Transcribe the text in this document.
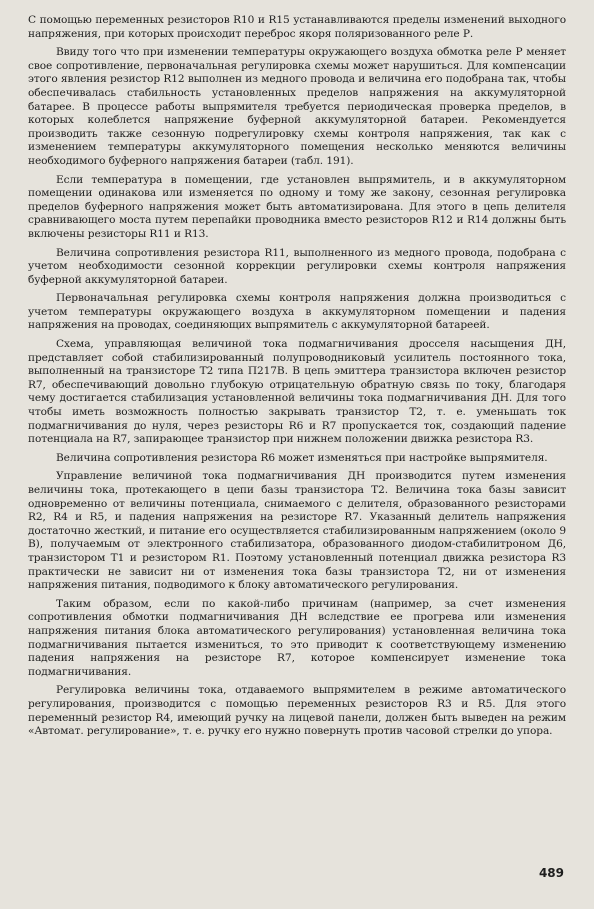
С помощью переменных резисторов R10 и R15 устанавливаются пределы изменений выходного напряжения, при которых происходит переброс якоря поляризованного реле Р.

Ввиду того что при изменении температуры окружающего воздуха обмотка реле Р меняет свое сопротивление, первоначальная регулировка схемы может нарушиться. Для компенсации этого явления резистор R12 выполнен из медного провода и величина его подобрана так, чтобы обеспечивалась стабильность установленных пределов напряжения на аккумуляторной батарее. В процессе работы выпрямителя требуется периодическая проверка пределов, в которых колеблется напряжение буферной аккумуляторной батареи. Рекомендуется производить также сезонную подрегулировку схемы контроля напряжения, так как с изменением температуры аккумуляторного помещения несколько меняются величины необходимого буферного напряжения батареи (табл. 191).

Если температура в помещении, где установлен выпрямитель, и в аккумуляторном помещении одинакова или изменяется по одному и тому же закону, сезонная регулировка пределов буферного напряжения может быть автоматизирована. Для этого в цепь делителя сравнивающего моста путем перепайки проводника вместо резисторов R12 и R14 должны быть включены резисторы R11 и R13.

Величина сопротивления резистора R11, выполненного из медного провода, подобрана с учетом необходимости сезонной коррекции регулировки схемы контроля напряжения буферной аккумуляторной батареи.

Первоначальная регулировка схемы контроля напряжения должна производиться с учетом температуры окружающего воздуха в аккумуляторном помещении и падения напряжения на проводах, соединяющих выпрямитель с аккумуляторной батареей.

Схема, управляющая величиной тока подмагничивания дросселя насыщения ДН, представляет собой стабилизированный полупроводниковый усилитель постоянного тока, выполненный на транзисторе Т2 типа П217В. В цепь эмиттера транзистора включен резистор R7, обеспечивающий довольно глубокую отрицательную обратную связь по току, благодаря чему достигается стабилизация установленной величины тока подмагничивания ДН. Для того чтобы иметь возможность полностью закрывать транзистор Т2, т. е. уменьшать ток подмагничивания до нуля, через резисторы R6 и R7 пропускается ток, создающий падение потенциала на R7, запирающее транзистор при нижнем положении движка резистора R3.

Величина сопротивления резистора R6 может изменяться при настройке выпрямителя.

Управление величиной тока подмагничивания ДН производится путем изменения величины тока, протекающего в цепи базы транзистора Т2. Величина тока базы зависит одновременно от величины потенциала, снимаемого с делителя, образованного резисторами R2, R4 и R5, и падения напряжения на резисторе R7. Указанный делитель напряжения достаточно жесткий, и питание его осуществляется стабилизированным напряжением (около 9 В), получаемым от электронного стабилизатора, образованного диодом-стабилитроном Д6, транзистором Т1 и резистором R1. Поэтому установленный потенциал движка резистора R3 практически не зависит ни от изменения тока базы транзистора Т2, ни от изменения напряжения питания, подводимого к блоку автоматического регулирования.

Таким образом, если по какой-либо причинам (например, за счет изменения сопротивления обмотки подмагничивания ДН вследствие ее прогрева или изменения напряжения питания блока автоматического регулирования) установленная величина тока подмагничивания пытается измениться, то это приводит к соответствующему изменению падения напряжения на резисторе R7, которое компенсирует изменение тока подмагничивания.

Регулировка величины тока, отдаваемого выпрямителем в режиме автоматического регулирования, производится с помощью переменных резисторов R3 и R5. Для этого переменный резистор R4, имеющий ручку на лицевой панели, должен быть выведен на режим «Автомат. регулирование», т. е. ручку его нужно повернуть против часовой стрелки до упора.

489
